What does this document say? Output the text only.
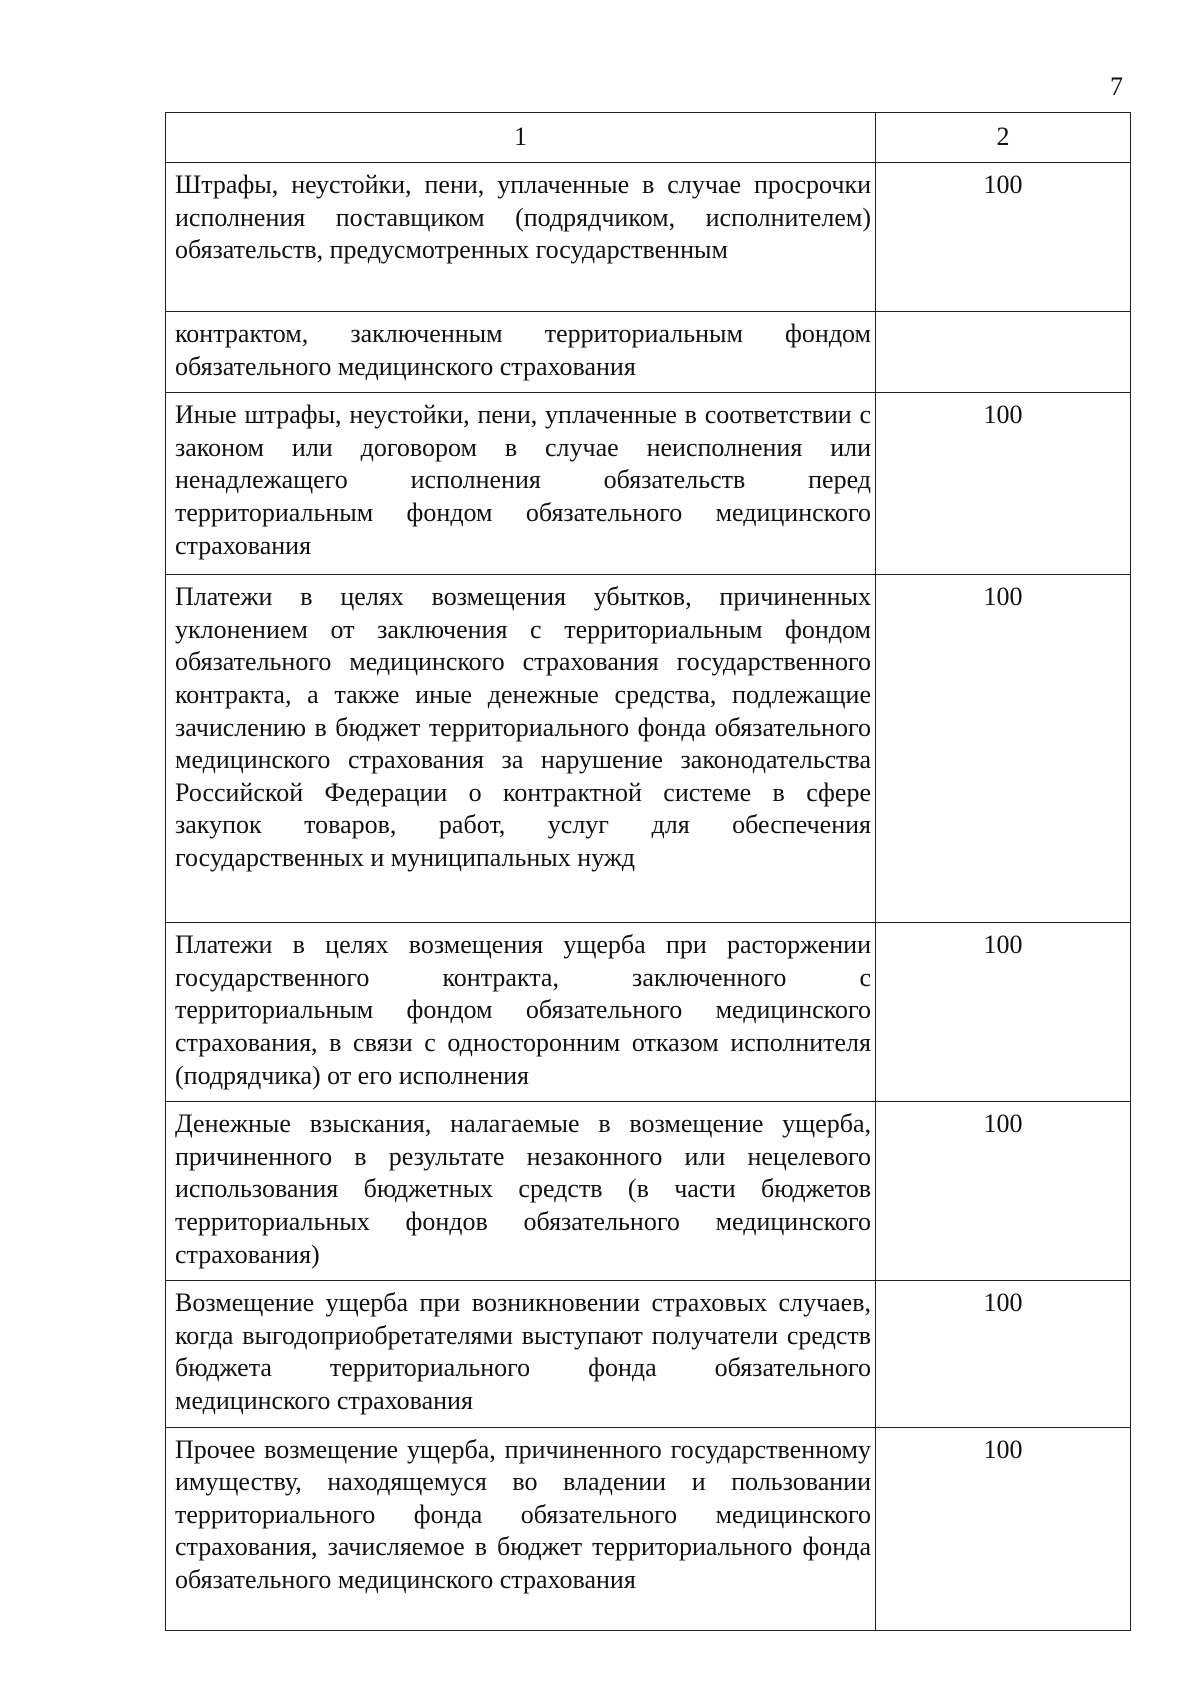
7
1	2
Штрафы, неустойки, пени, уплаченные в случае просрочки исполнения поставщиком (подрядчиком, исполнителем) обязательств, предусмотренных государственным	100
контрактом, заключенным территориальным фондом обязательного медицинского страхования	
Иные штрафы, неустойки, пени, уплаченные в соответствии с законом или договором в случае неисполнения или ненадлежащего исполнения обязательств перед территориальным фондом обязательного медицинского страхования	100
Платежи в целях возмещения убытков, причиненных уклонением от заключения с территориальным фондом обязательного медицинского страхования государственного контракта, а также иные денежные средства, подлежащие зачислению в бюджет территориального фонда обязательного медицинского страхования за нарушение законодательства Российской Федерации о контрактной системе в сфере закупок товаров, работ, услуг для обеспечения государственных и муниципальных нужд	100
Платежи в целях возмещения ущерба при расторжении государственного контракта, заключенного с территориальным фондом обязательного медицинского страхования, в связи с односторонним отказом исполнителя (подрядчика) от его исполнения	100
Денежные взыскания, налагаемые в возмещение ущерба, причиненного в результате незаконного или нецелевого использования бюджетных средств (в части бюджетов территориальных фондов обязательного медицинского страхования)	100
Возмещение ущерба при возникновении страховых случаев, когда выгодоприобретателями выступают получатели средств бюджета территориального фонда обязательного медицинского страхования	100
Прочее возмещение ущерба, причиненного государственному имуществу, находящемуся во владении и пользовании территориального фонда обязательного медицинского страхования, зачисляемое в бюджет территориального фонда обязательного медицинского страхования	100
